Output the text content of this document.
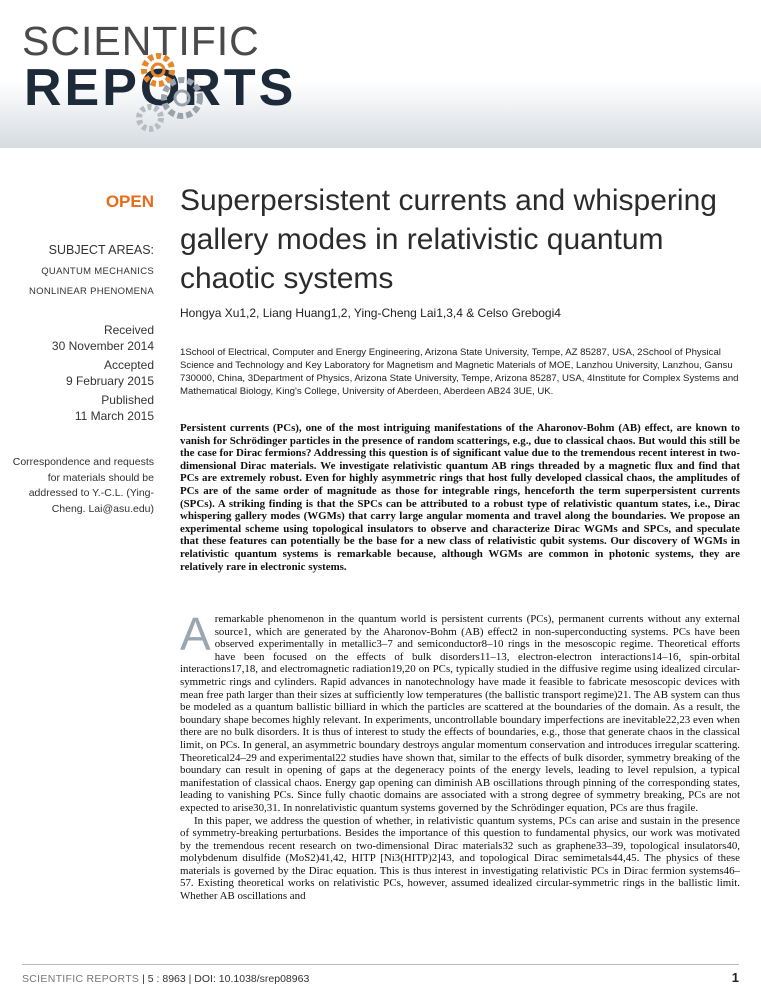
SCIENTIFIC
REPORTS
OPEN
SUBJECT AREAS:
QUANTUM MECHANICS
NONLINEAR PHENOMENA
Received
30 November 2014
Accepted
9 February 2015
Published
11 March 2015
Correspondence and requests for materials should be addressed to Y.-C.L. (Ying-Cheng. Lai@asu.edu)
Superpersistent currents and whispering gallery modes in relativistic quantum chaotic systems
Hongya Xu1,2, Liang Huang1,2, Ying-Cheng Lai1,3,4 & Celso Grebogi4
1School of Electrical, Computer and Energy Engineering, Arizona State University, Tempe, AZ 85287, USA, 2School of Physical Science and Technology and Key Laboratory for Magnetism and Magnetic Materials of MOE, Lanzhou University, Lanzhou, Gansu 730000, China, 3Department of Physics, Arizona State University, Tempe, Arizona 85287, USA, 4Institute for Complex Systems and Mathematical Biology, King's College, University of Aberdeen, Aberdeen AB24 3UE, UK.
Persistent currents (PCs), one of the most intriguing manifestations of the Aharonov-Bohm (AB) effect, are known to vanish for Schrödinger particles in the presence of random scatterings, e.g., due to classical chaos. But would this still be the case for Dirac fermions? Addressing this question is of significant value due to the tremendous recent interest in two-dimensional Dirac materials. We investigate relativistic quantum AB rings threaded by a magnetic flux and find that PCs are extremely robust. Even for highly asymmetric rings that host fully developed classical chaos, the amplitudes of PCs are of the same order of magnitude as those for integrable rings, henceforth the term superpersistent currents (SPCs). A striking finding is that the SPCs can be attributed to a robust type of relativistic quantum states, i.e., Dirac whispering gallery modes (WGMs) that carry large angular momenta and travel along the boundaries. We propose an experimental scheme using topological insulators to observe and characterize Dirac WGMs and SPCs, and speculate that these features can potentially be the base for a new class of relativistic qubit systems. Our discovery of WGMs in relativistic quantum systems is remarkable because, although WGMs are common in photonic systems, they are relatively rare in electronic systems.

A remarkable phenomenon in the quantum world is persistent currents (PCs), permanent currents without any external source1, which are generated by the Aharonov-Bohm (AB) effect2 in non-superconducting systems. PCs have been observed experimentally in metallic3–7 and semiconductor8–10 rings in the mesoscopic regime. Theoretical efforts have been focused on the effects of bulk disorders11–13, electron-electron interactions14–16, spin-orbital interactions17,18, and electromagnetic radiation19,20 on PCs, typically studied in the diffusive regime using idealized circular-symmetric rings and cylinders. Rapid advances in nanotechnology have made it feasible to fabricate mesoscopic devices with mean free path larger than their sizes at sufficiently low temperatures (the ballistic transport regime)21. The AB system can thus be modeled as a quantum ballistic billiard in which the particles are scattered at the boundaries of the domain. As a result, the boundary shape becomes highly relevant. In experiments, uncontrollable boundary imperfections are inevitable22,23 even when there are no bulk disorders. It is thus of interest to study the effects of boundaries, e.g., those that generate chaos in the classical limit, on PCs. In general, an asymmetric boundary destroys angular momentum conservation and introduces irregular scattering. Theoretical24–29 and experimental22 studies have shown that, similar to the effects of bulk disorder, symmetry breaking of the boundary can result in opening of gaps at the degeneracy points of the energy levels, leading to level repulsion, a typical manifestation of classical chaos. Energy gap opening can diminish AB oscillations through pinning of the corresponding states, leading to vanishing PCs. Since fully chaotic domains are associated with a strong degree of symmetry breaking, PCs are not expected to arise30,31. In nonrelativistic quantum systems governed by the Schrödinger equation, PCs are thus fragile.

In this paper, we address the question of whether, in relativistic quantum systems, PCs can arise and sustain in the presence of symmetry-breaking perturbations. Besides the importance of this question to fundamental physics, our work was motivated by the tremendous recent research on two-dimensional Dirac materials32 such as graphene33–39, topological insulators40, molybdenum disulfide (MoS2)41,42, HITP [Ni3(HITP)2]43, and topological Dirac semimetals44,45. The physics of these materials is governed by the Dirac equation. This is thus interest in investigating relativistic PCs in Dirac fermion systems46–57. Existing theoretical works on relativistic PCs, however, assumed idealized circular-symmetric rings in the ballistic limit. Whether AB oscillations and

SCIENTIFIC REPORTS | 5 : 8963 | DOI: 10.1038/srep08963	1
